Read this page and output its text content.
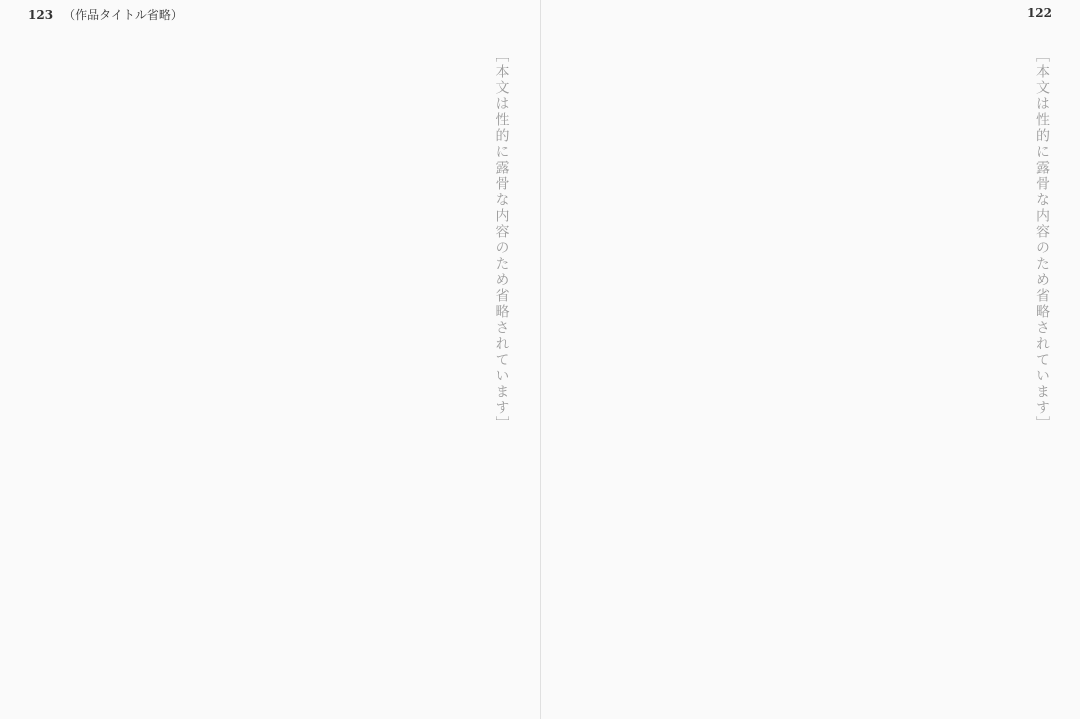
123 （作品タイトル省略）
［本文は性的に露骨な内容のため省略されています］
122
［本文は性的に露骨な内容のため省略されています］
